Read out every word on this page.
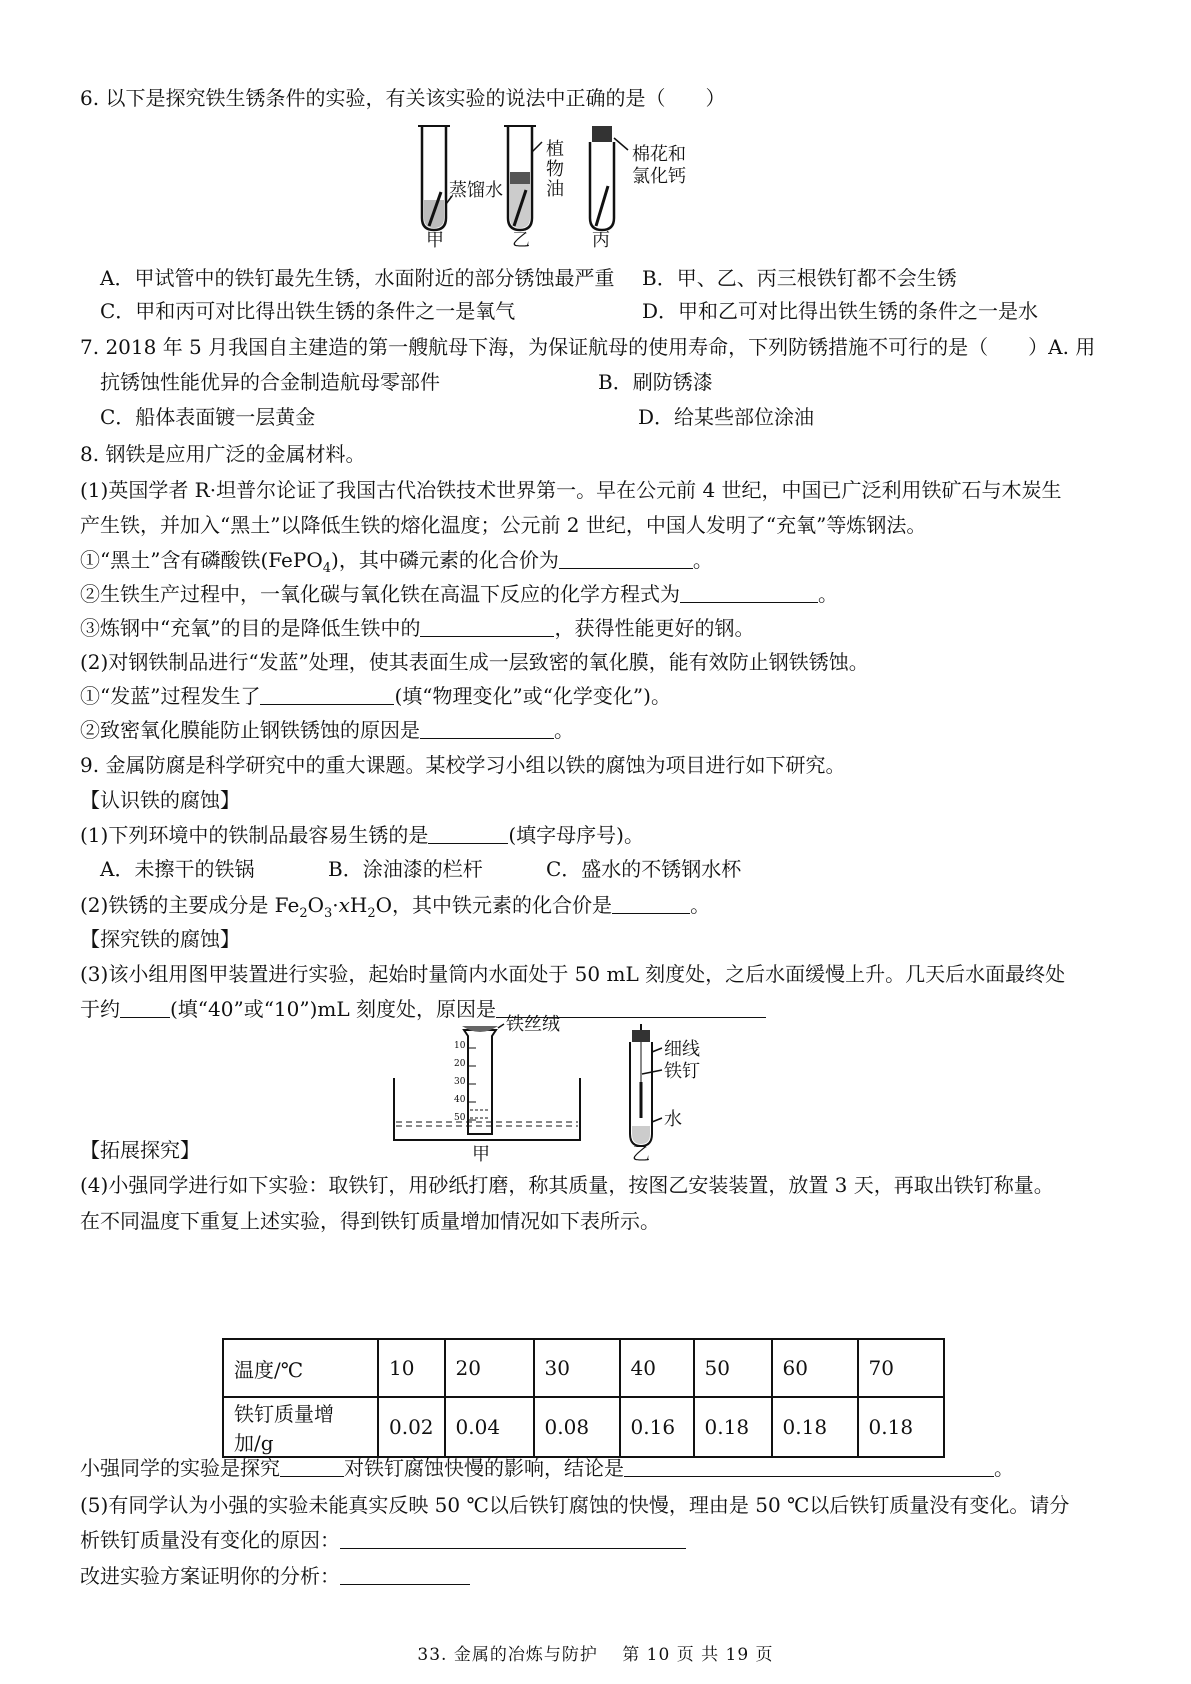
6. 以下是探究铁生锈条件的实验，有关该实验的说法中正确的是（　　）
蒸馏水
植物油
棉花和氯化钙
甲	乙	丙
A．甲试管中的铁钉最先生锈，水面附近的部分锈蚀最严重 B．甲、乙、丙三根铁钉都不会生锈
C．甲和丙可对比得出铁生锈的条件之一是氧气	D．甲和乙可对比得出铁生锈的条件之一是水
7. 2018 年 5 月我国自主建造的第一艘航母下海，为保证航母的使用寿命，下列防锈措施不可行的是（　　）A. 用
抗锈蚀性能优异的合金制造航母零部件	B．刷防锈漆
C．船体表面镀一层黄金	D．给某些部位涂油
8. 钢铁是应用广泛的金属材料。
(1)英国学者 R·坦普尔论证了我国古代冶铁技术世界第一。早在公元前 4 世纪，中国已广泛利用铁矿石与木炭生
产生铁，并加入“黑土”以降低生铁的熔化温度；公元前 2 世纪，中国人发明了“充氧”等炼钢法。
①“黑土”含有磷酸铁(FePO$_4$)，其中磷元素的化合价为	。
②生铁生产过程中，一氧化碳与氧化铁在高温下反应的化学方程式为	。
③炼钢中“充氧”的目的是降低生铁中的	，获得性能更好的钢。
(2)对钢铁制品进行“发蓝”处理，使其表面生成一层致密的氧化膜，能有效防止钢铁锈蚀。
①“发蓝”过程发生了	(填“物理变化”或“化学变化”)。
②致密氧化膜能防止钢铁锈蚀的原因是	。
9. 金属防腐是科学研究中的重大课题。某校学习小组以铁的腐蚀为项目进行如下研究。
【认识铁的腐蚀】
(1)下列环境中的铁制品最容易生锈的是	(填字母序号)。
A．未擦干的铁锅	B．涂油漆的栏杆	C．盛水的不锈钢水杯
(2)铁锈的主要成分是 $Fe_2O_3\cdot xH_2O$，其中铁元素的化合价是	。
【探究铁的腐蚀】
(3)该小组用图甲装置进行实验，起始时量筒内水面处于 50 mL 刻度处，之后水面缓慢上升。几天后水面最终处
于约	(填“40”或“10”)mL 刻度处，原因是
10
20
30
40
50
铁丝绒
细线
铁钉
水
甲	乙
【拓展探究】
(4)小强同学进行如下实验：取铁钉，用砂纸打磨，称其质量，按图乙安装装置，放置 3 天，再取出铁钉称量。
在不同温度下重复上述实验，得到铁钉质量增加情况如下表所示。
温度/℃	10	20	30	40	50	60	70
铁钉质量增加/g	0.02	0.04	0.08	0.16	0.18	0.18	0.18
小强同学的实验是探究	对铁钉腐蚀快慢的影响，结论是	。
(5)有同学认为小强的实验未能真实反映 50 ℃以后铁钉腐蚀的快慢，理由是 50 ℃以后铁钉质量没有变化。请分
析铁钉质量没有变化的原因：
改进实验方案证明你的分析：
33. 金属的冶炼与防护　 第 10 页 共 19 页
